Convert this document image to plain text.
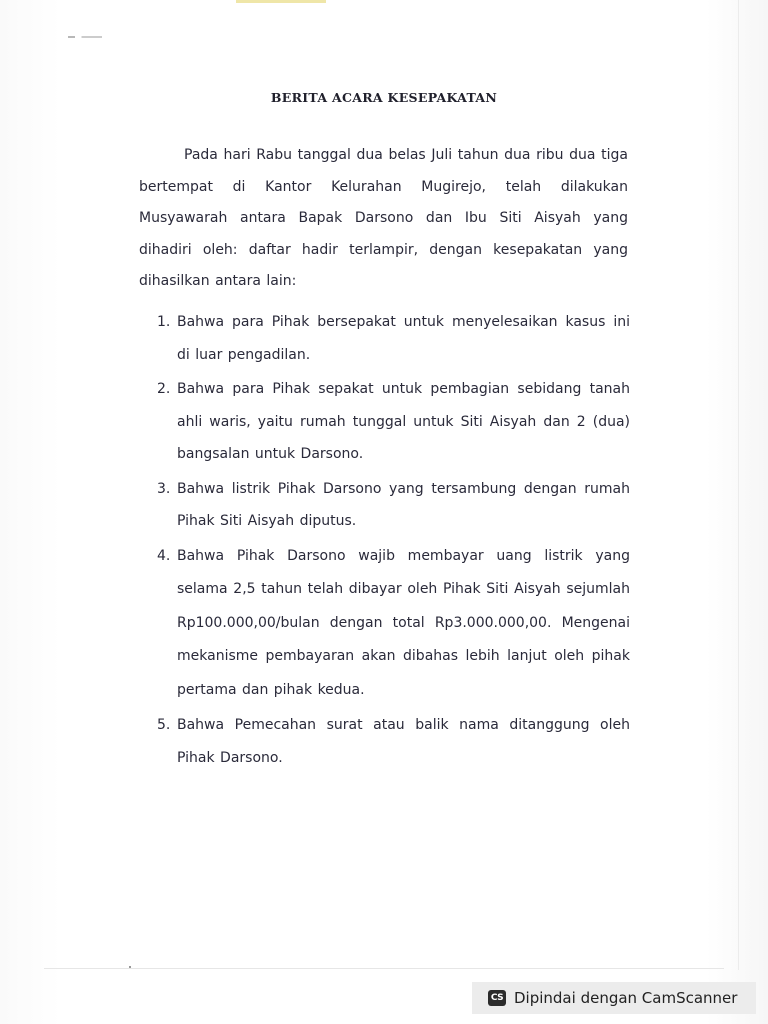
BERITA ACARA KESEPAKATAN

Pada hari Rabu tanggal dua belas Juli tahun dua ribu dua tiga bertempat di Kantor Kelurahan Mugirejo, telah dilakukan Musyawarah antara Bapak Darsono dan Ibu Siti Aisyah yang dihadiri oleh: daftar hadir terlampir, dengan kesepakatan yang dihasilkan antara lain:

1. Bahwa para Pihak bersepakat untuk menyelesaikan kasus ini di luar pengadilan.
2. Bahwa para Pihak sepakat untuk pembagian sebidang tanah ahli waris, yaitu rumah tunggal untuk Siti Aisyah dan 2 (dua) bangsalan untuk Darsono.
3. Bahwa listrik Pihak Darsono yang tersambung dengan rumah Pihak Siti Aisyah diputus.
4. Bahwa Pihak Darsono wajib membayar uang listrik yang selama 2,5 tahun telah dibayar oleh Pihak Siti Aisyah sejumlah Rp100.000,00/bulan dengan total Rp3.000.000,00. Mengenai mekanisme pembayaran akan dibahas lebih lanjut oleh pihak pertama dan pihak kedua.
5. Bahwa Pemecahan surat atau balik nama ditanggung oleh Pihak Darsono.
CS Dipindai dengan CamScanner
